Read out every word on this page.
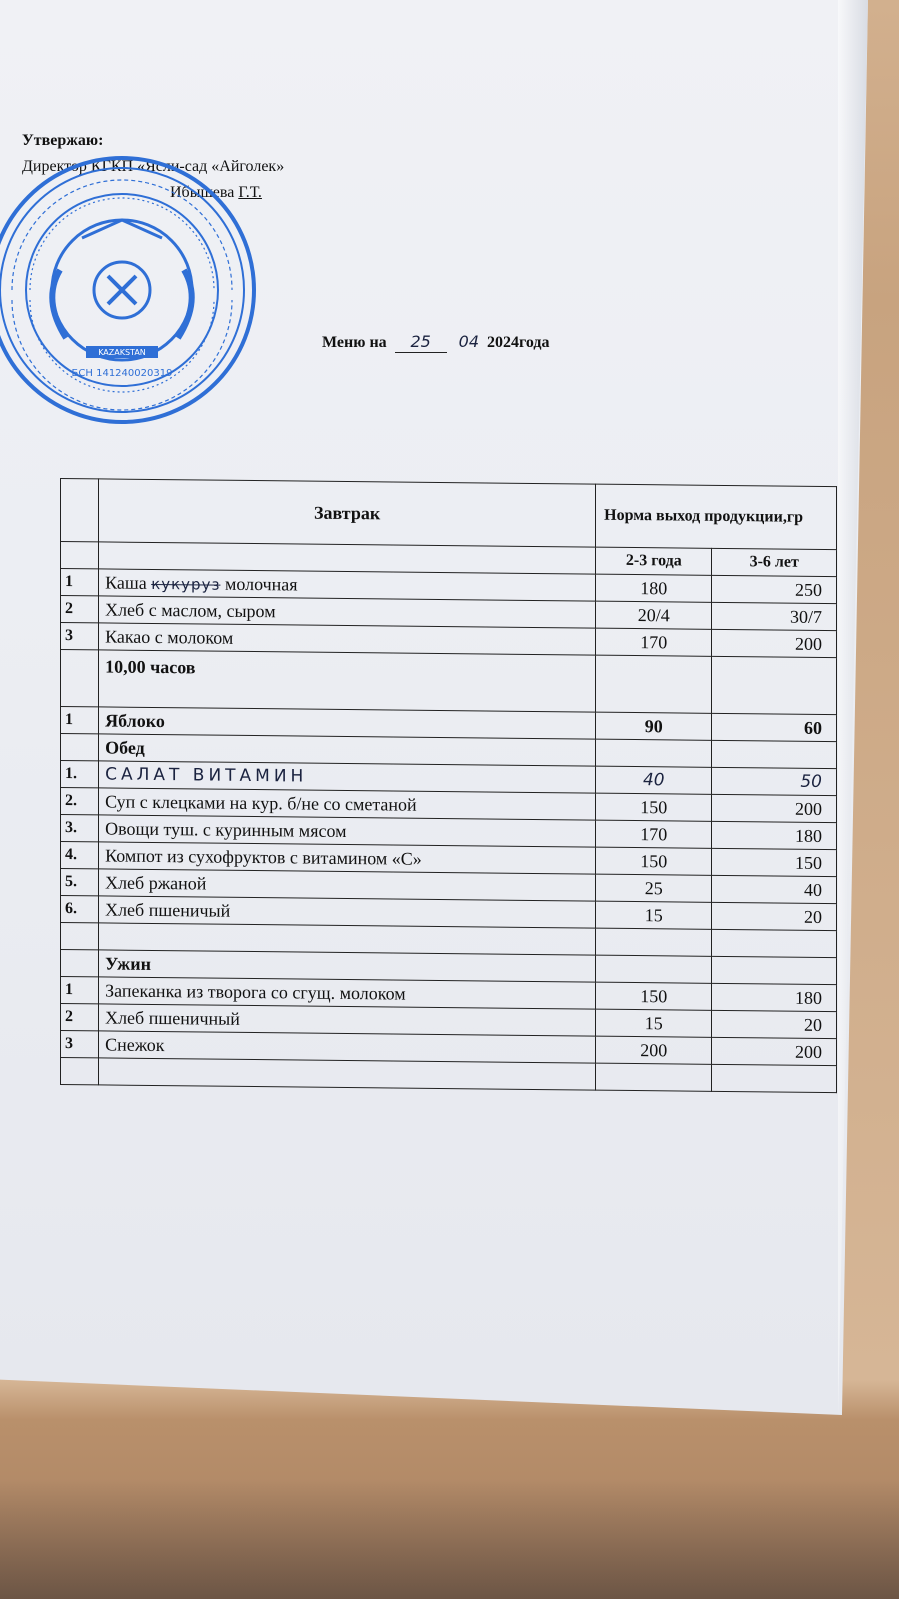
Утвержаю:
Директор КГКП «Ясли-сад «Айголек»
Ибышева Г.Т.
KAZAKSTAN
БСН 141240020319
Меню на 25 04 2024года
	Завтрак	Норма выход продукции,гр	
		2-3 года	3-6 лет
1	Каша кукуруз молочная	180	250
2	Хлеб с маслом, сыром	20/4	30/7
3	Какао с молоком	170	200
	10,00 часов		
1	Яблоко	90	60
	Обед		
1.	САЛАТ ВИТАМИН	40	50
2.	Суп с клецками на кур. б/не со сметаной	150	200
3.	Овощи туш. с куринным мясом	170	180
4.	Компот из сухофруктов с витамином «С»	150	150
5.	Хлеб ржаной	25	40
6.	Хлеб пшеничый	15	20

	Ужин		
1	Запеканка из творога со сгущ. молоком	150	180
2	Хлеб пшеничный	15	20
3	Снежок	200	200
